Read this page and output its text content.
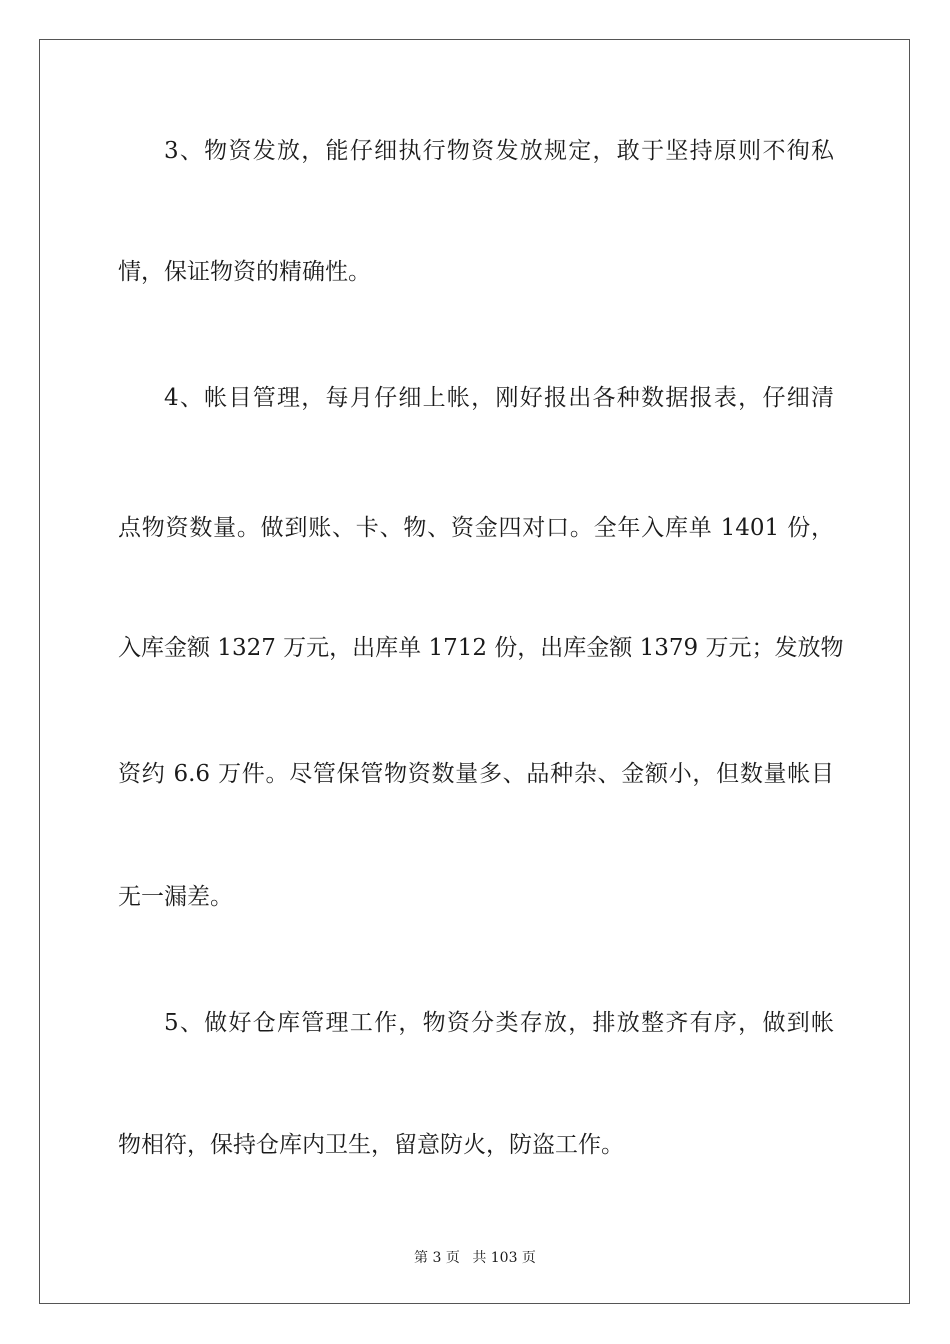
3、物资发放，能仔细执行物资发放规定，敢于坚持原则不徇私
情，保证物资的精确性。
4、帐目管理，每月仔细上帐，刚好报出各种数据报表，仔细清
点物资数量。做到账、卡、物、资金四对口。全年入库单 1401 份，
入库金额 1327 万元，出库单 1712 份，出库金额 1379 万元；发放物
资约 6.6 万件。尽管保管物资数量多、品种杂、金额小，但数量帐目
无一漏差。
5、做好仓库管理工作，物资分类存放，排放整齐有序，做到帐
物相符，保持仓库内卫生，留意防火，防盗工作。
第 3 页 共 103 页
